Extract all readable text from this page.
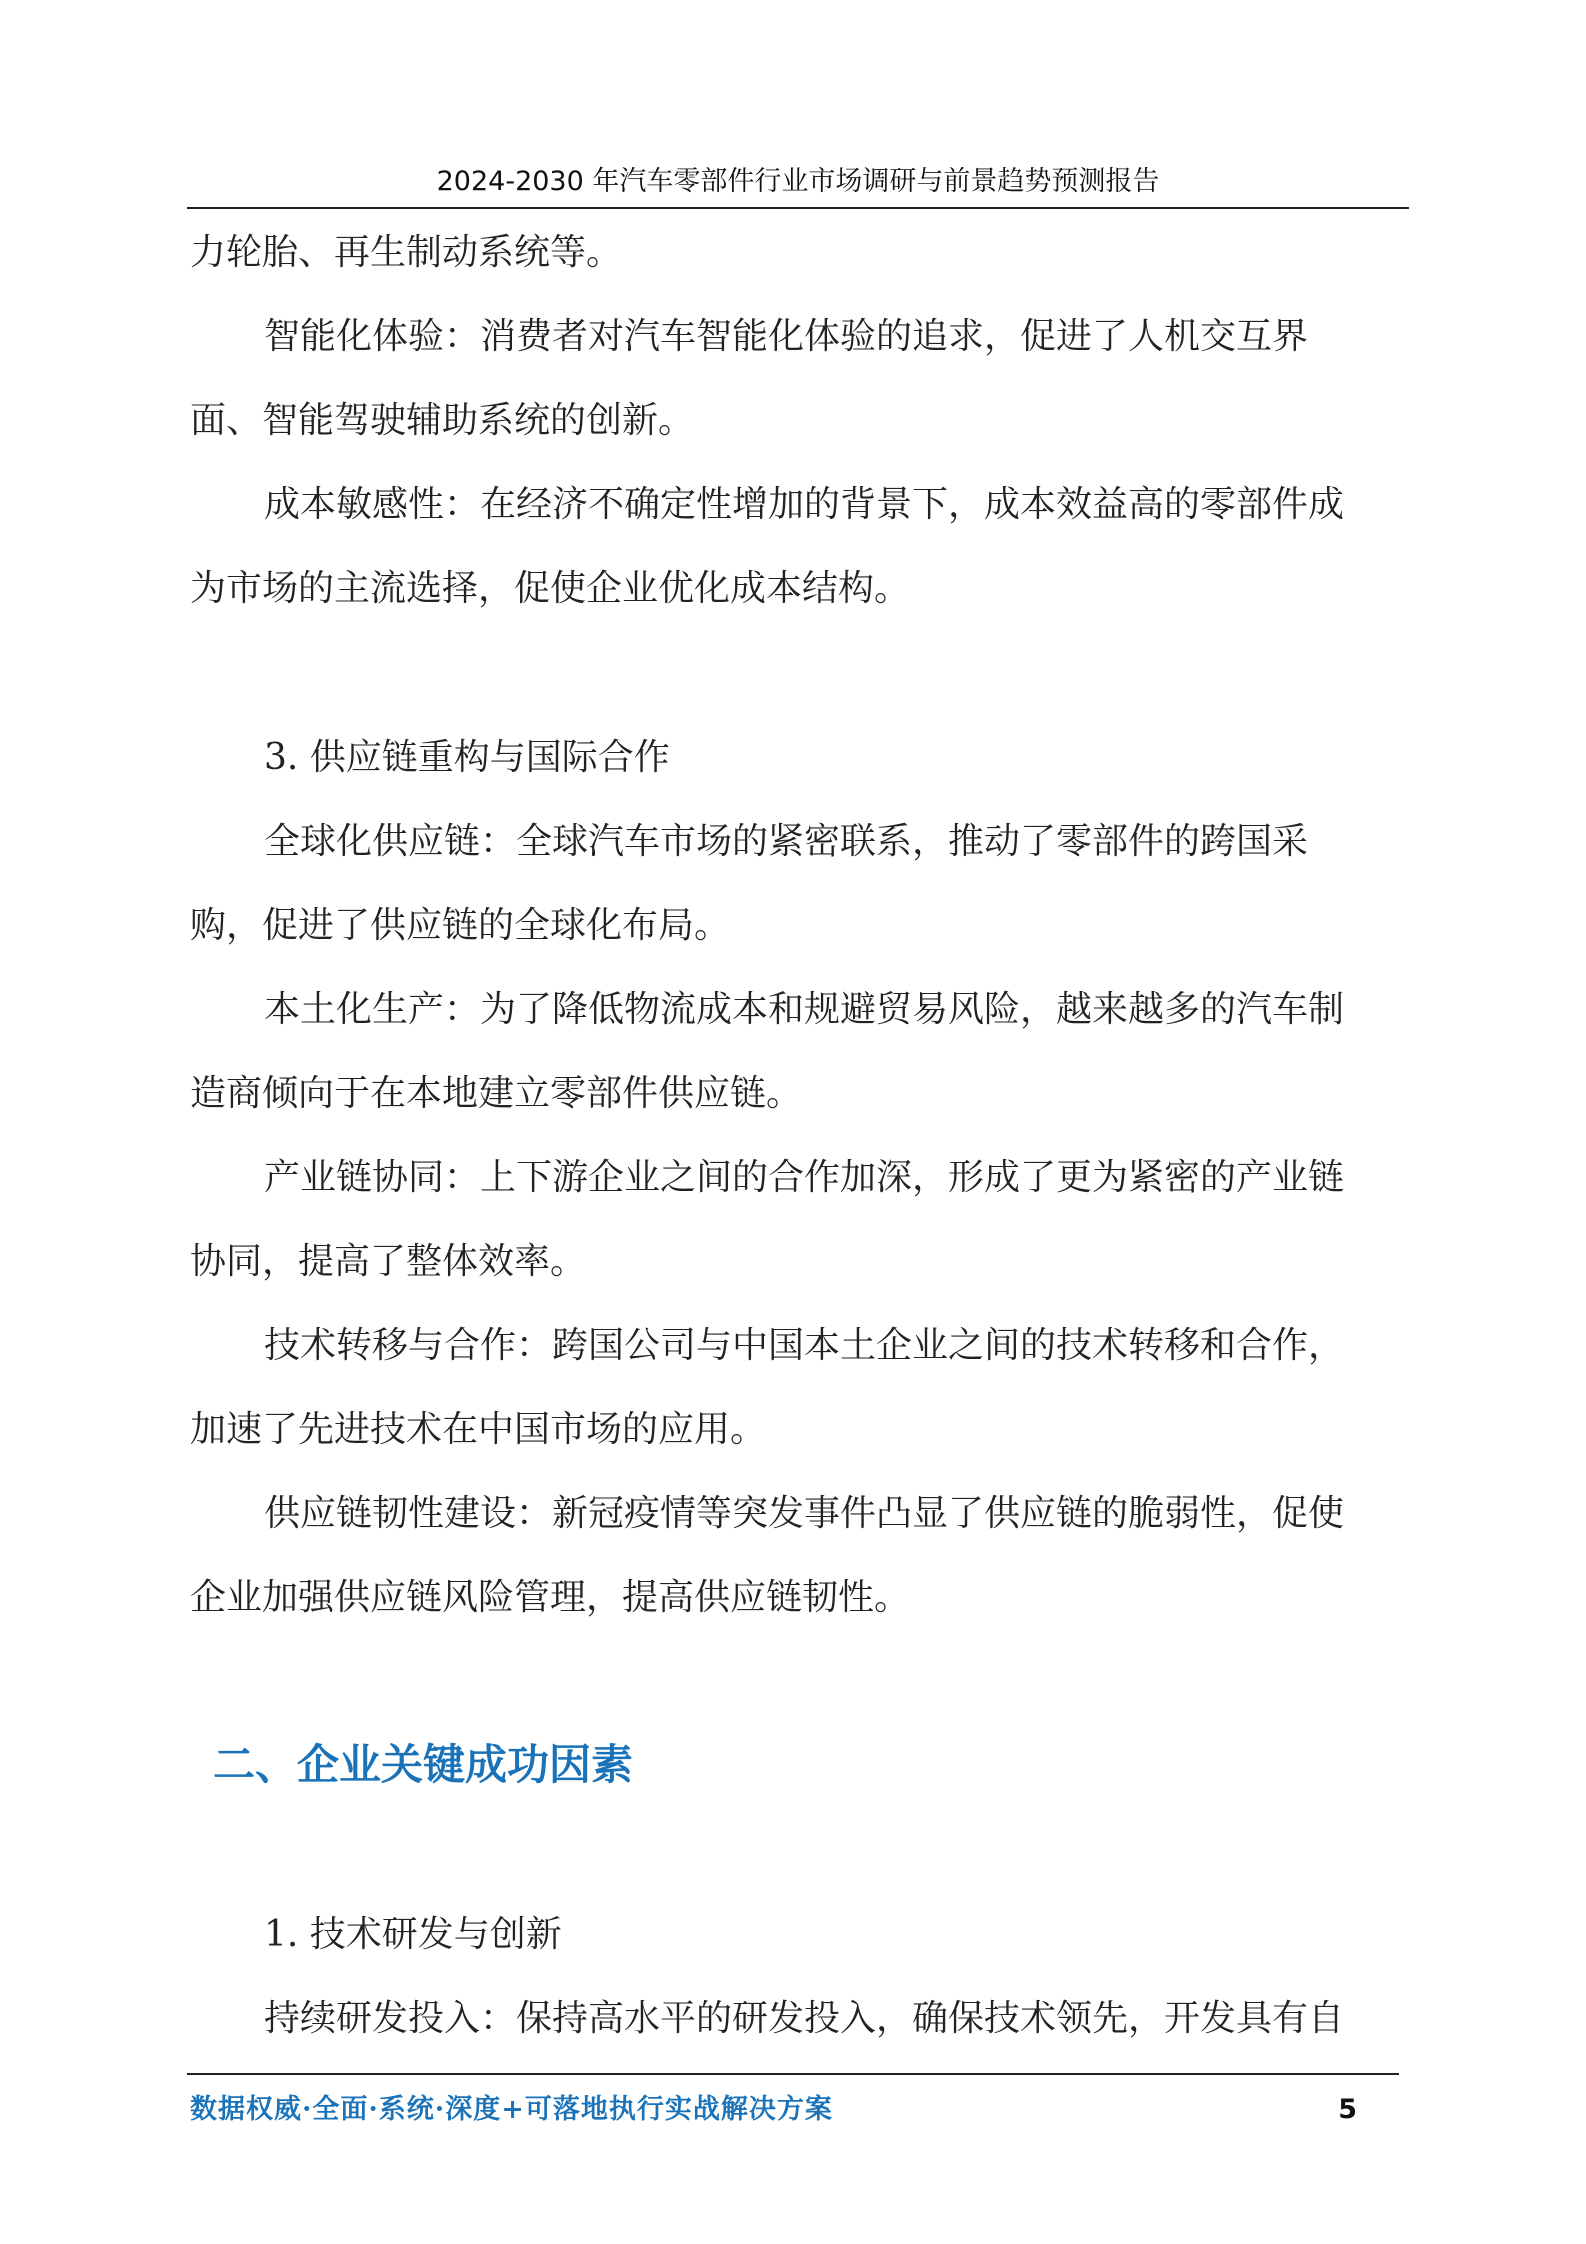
2024-2030 年汽车零部件行业市场调研与前景趋势预测报告
力轮胎、再生制动系统等。
智能化体验：消费者对汽车智能化体验的追求，促进了人机交互界
面、智能驾驶辅助系统的创新。
成本敏感性：在经济不确定性增加的背景下，成本效益高的零部件成
为市场的主流选择，促使企业优化成本结构。
3. 供应链重构与国际合作
全球化供应链：全球汽车市场的紧密联系，推动了零部件的跨国采
购，促进了供应链的全球化布局。
本土化生产：为了降低物流成本和规避贸易风险，越来越多的汽车制
造商倾向于在本地建立零部件供应链。
产业链协同：上下游企业之间的合作加深，形成了更为紧密的产业链
协同，提高了整体效率。
技术转移与合作：跨国公司与中国本土企业之间的技术转移和合作，
加速了先进技术在中国市场的应用。
供应链韧性建设：新冠疫情等突发事件凸显了供应链的脆弱性，促使
企业加强供应链风险管理，提高供应链韧性。
1. 技术研发与创新
持续研发投入：保持高水平的研发投入，确保技术领先，开发具有自
二、企业关键成功因素
数据权威·全面·系统·深度+可落地执行实战解决方案	5
